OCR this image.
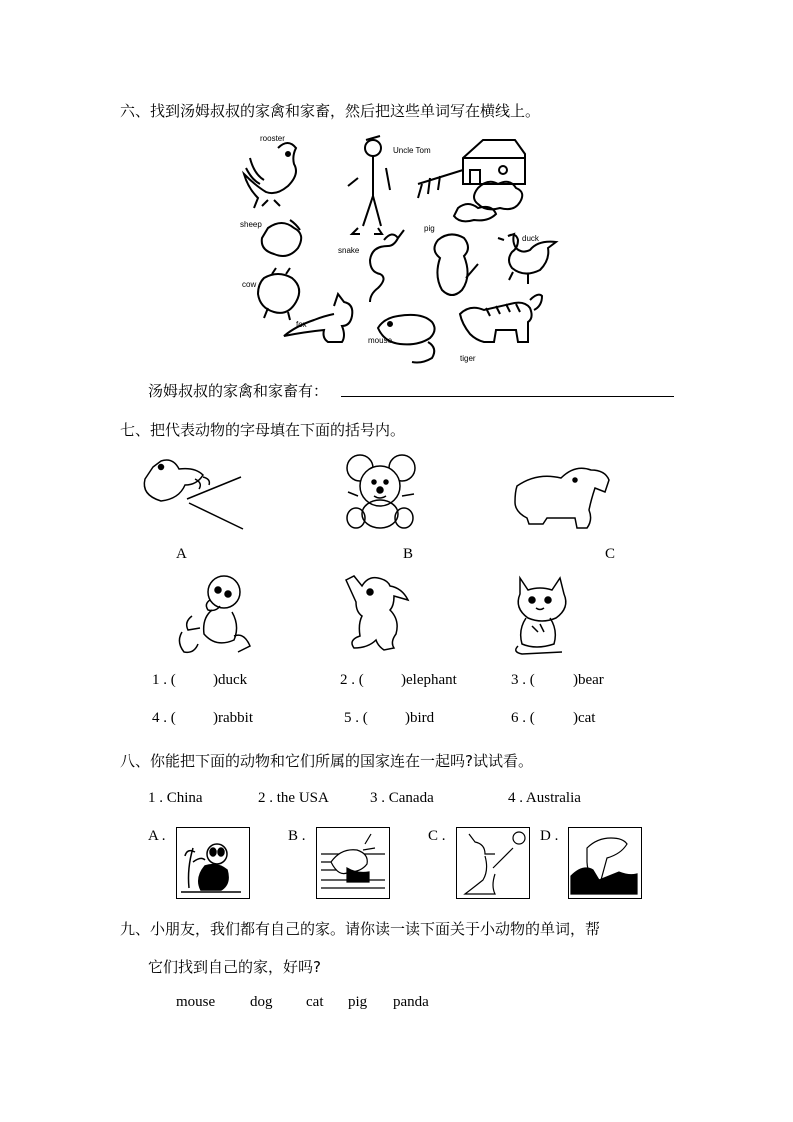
六、找到汤姆叔叔的家禽和家畜，然后把这些单词写在横线上。
rooster
Uncle Tom
sheep	pig
duck
snake
cow
fox
mouse
tiger
汤姆叔叔的家禽和家畜有：
七、把代表动物的字母填在下面的括号内。
A	B	C
1 . ( )duck	2 . ( )elephant	3 . (	)bear
4 . ( )rabbit	5 . ( )bird	6 . (	)cat
八、你能把下面的动物和它们所属的国家连在一起吗?试试看。
1 . China	2 . the USA	3 . Canada	4 . Australia
A .	B .	C .	D .
九、小朋友，我们都有自己的家。请你读一读下面关于小动物的单词，帮
它们找到自己的家，好吗?
mouse dog cat pig panda
